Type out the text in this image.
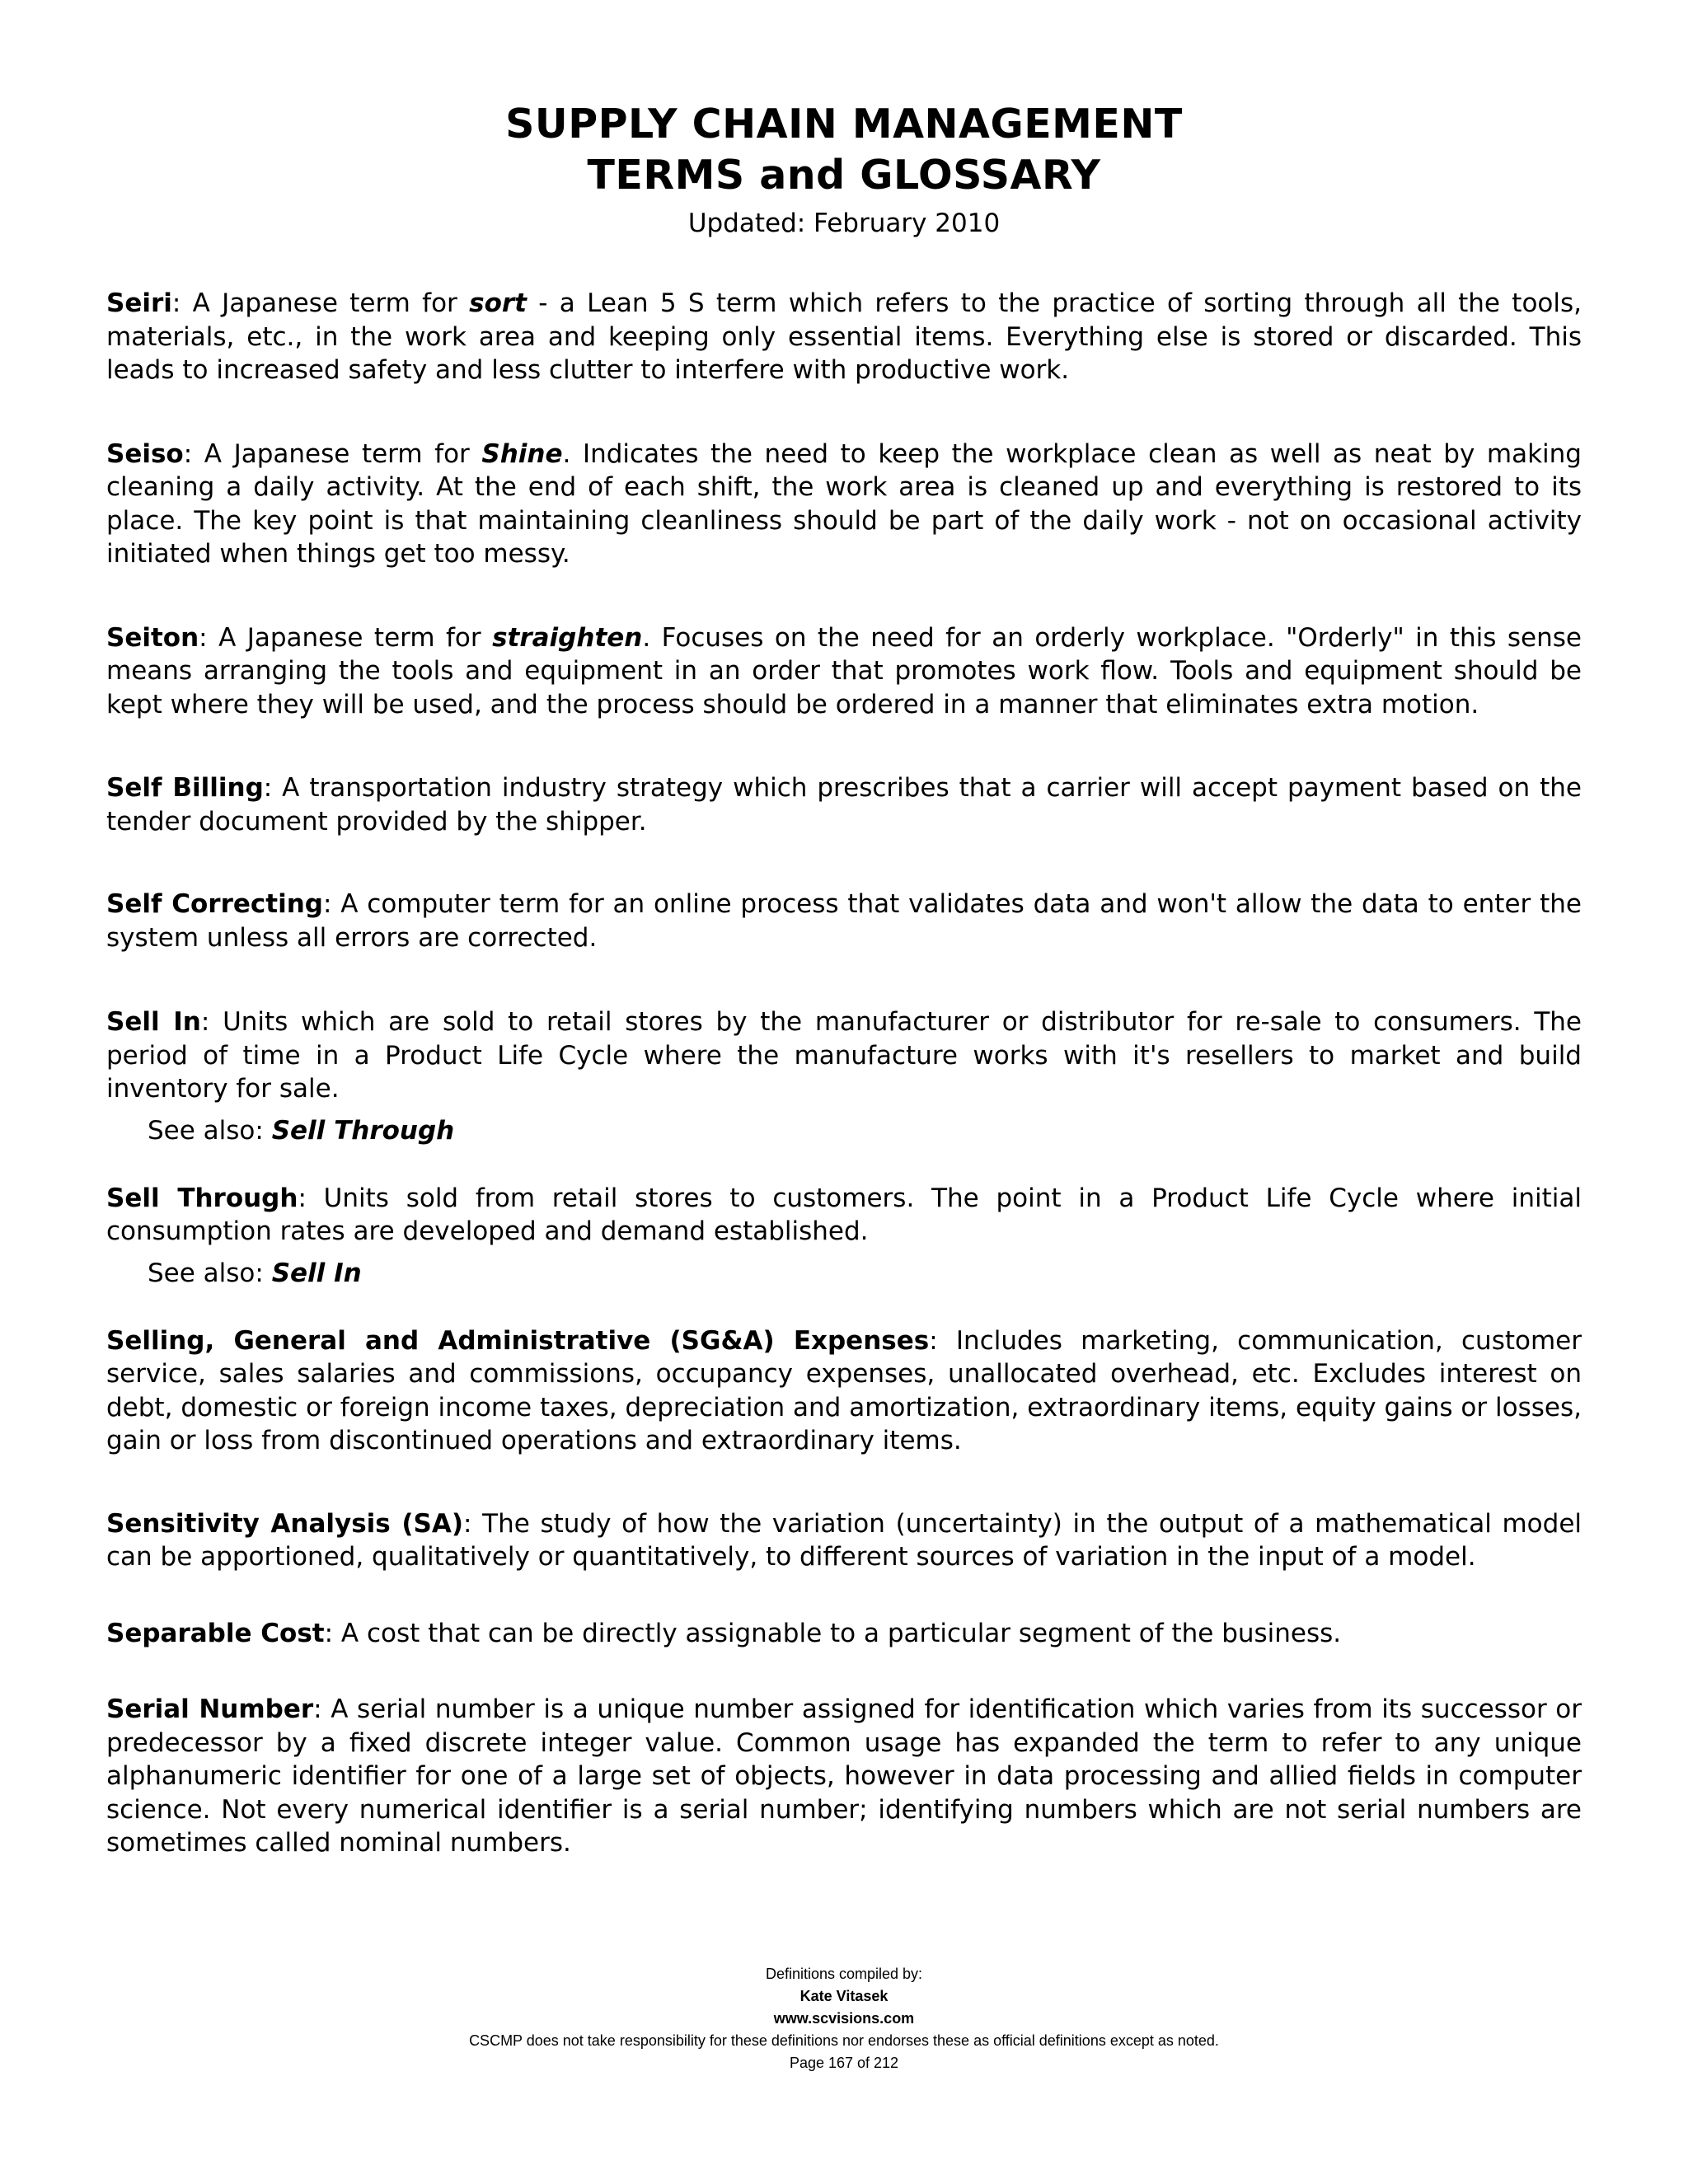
SUPPLY CHAIN MANAGEMENT
TERMS and GLOSSARY
Updated: February 2010

Seiri: A Japanese term for sort - a Lean 5 S term which refers to the practice of sorting through all the tools, materials, etc., in the work area and keeping only essential items. Everything else is stored or discarded. This leads to increased safety and less clutter to interfere with productive work.

Seiso: A Japanese term for Shine. Indicates the need to keep the workplace clean as well as neat by making cleaning a daily activity. At the end of each shift, the work area is cleaned up and everything is restored to its place. The key point is that maintaining cleanliness should be part of the daily work - not on occasional activity initiated when things get too messy.

Seiton: A Japanese term for straighten. Focuses on the need for an orderly workplace. "Orderly" in this sense means arranging the tools and equipment in an order that promotes work flow. Tools and equipment should be kept where they will be used, and the process should be ordered in a manner that eliminates extra motion.

Self Billing: A transportation industry strategy which prescribes that a carrier will accept payment based on the tender document provided by the shipper.

Self Correcting: A computer term for an online process that validates data and won't allow the data to enter the system unless all errors are corrected.

Sell In: Units which are sold to retail stores by the manufacturer or distributor for re-sale to consumers. The period of time in a Product Life Cycle where the manufacture works with it's resellers to market and build inventory for sale.

See also: Sell Through

Sell Through: Units sold from retail stores to customers. The point in a Product Life Cycle where initial consumption rates are developed and demand established.

See also: Sell In

Selling, General and Administrative (SG&A) Expenses: Includes marketing, communication, customer service, sales salaries and commissions, occupancy expenses, unallocated overhead, etc. Excludes interest on debt, domestic or foreign income taxes, depreciation and amortization, extraordinary items, equity gains or losses, gain or loss from discontinued operations and extraordinary items.

Sensitivity Analysis (SA): The study of how the variation (uncertainty) in the output of a mathematical model can be apportioned, qualitatively or quantitatively, to different sources of variation in the input of a model.

Separable Cost: A cost that can be directly assignable to a particular segment of the business.

Serial Number: A serial number is a unique number assigned for identification which varies from its successor or predecessor by a fixed discrete integer value. Common usage has expanded the term to refer to any unique alphanumeric identifier for one of a large set of objects, however in data processing and allied fields in computer science. Not every numerical identifier is a serial number; identifying numbers which are not serial numbers are sometimes called nominal numbers.

Definitions compiled by:
Kate Vitasek
www.scvisions.com
CSCMP does not take responsibility for these definitions nor endorses these as official definitions except as noted.
Page 167 of 212
